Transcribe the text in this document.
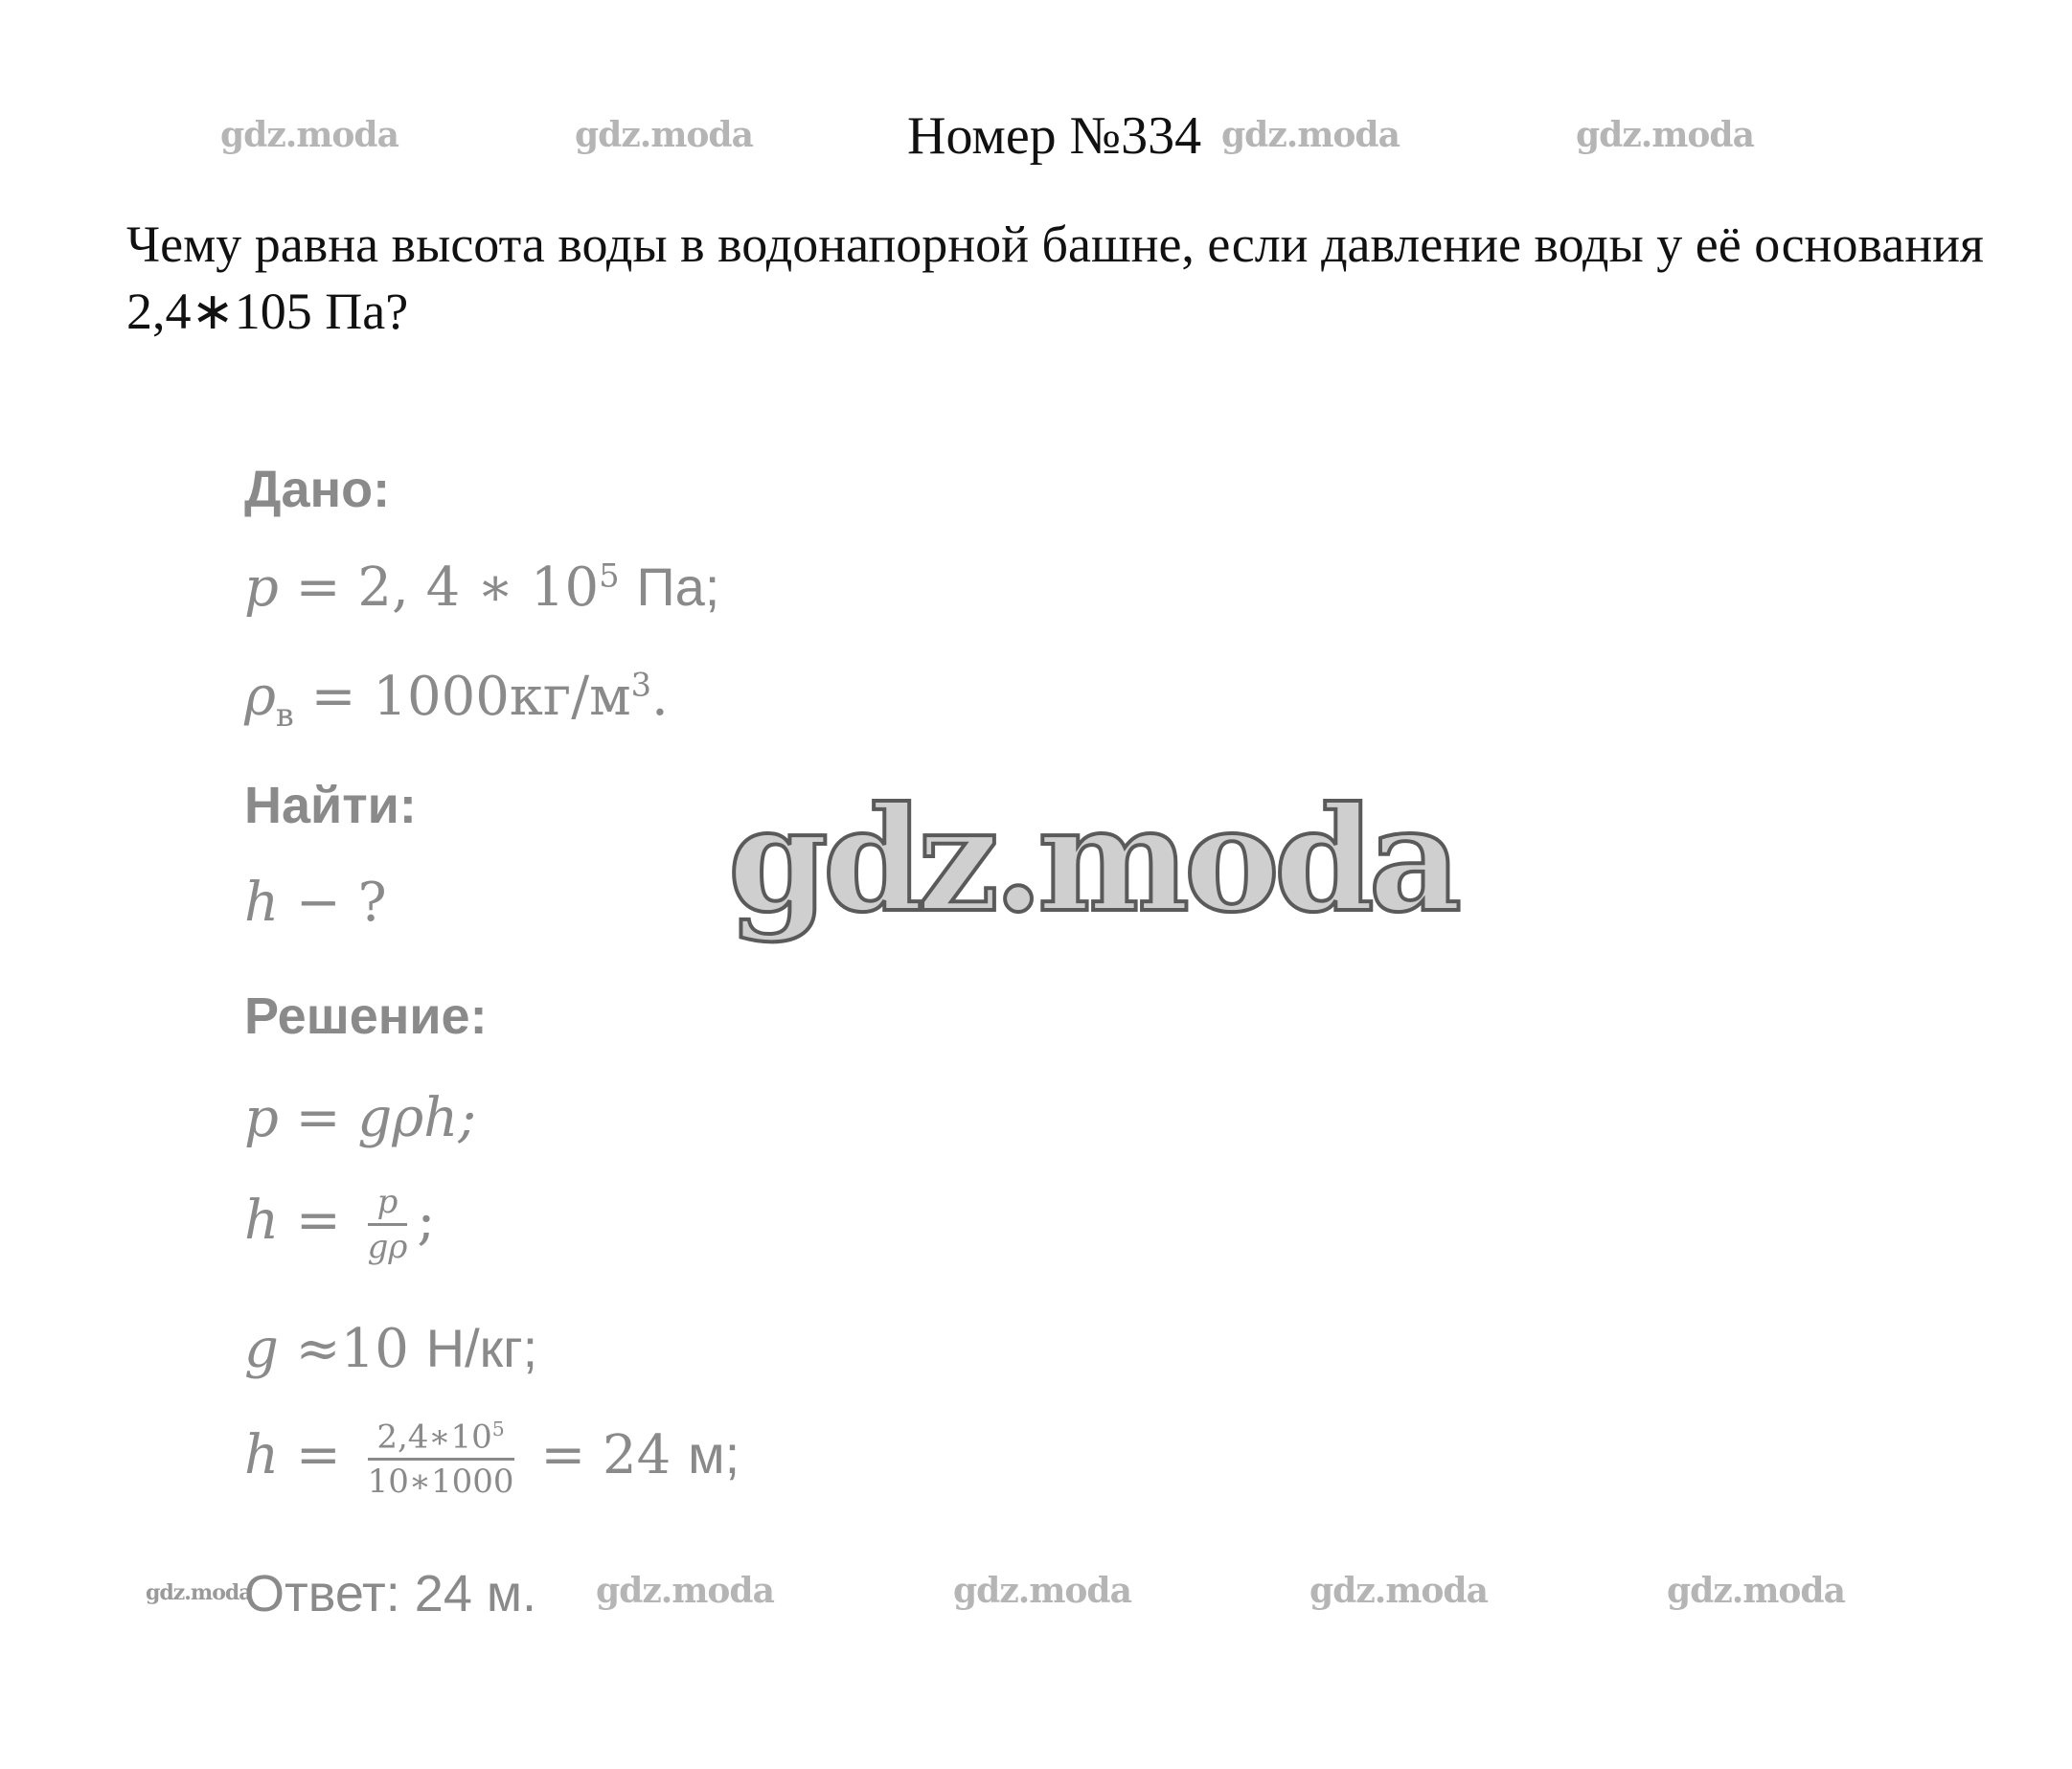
gdz.moda	gdz.moda	gdz.moda	gdz.moda
Номер №334
Чему равна высота воды в водонапорной башне, если давление воды у её основания 2,4∗105 Па?
Дано:
p = 2, 4 ∗ $10^5$ Па;
$\rho_в = 1000кг/м^3$.
Найти:
h − ?
Решение:
p = gρh;
$h = \frac{p}{g\rho}$ ;
g ≈10 Н/кг;
$h = \frac{2,4∗10^5}{10∗1000} = 24$ м;
gdz.moda
Ответ: 24 м. gdz.moda	gdz.moda	gdz.moda	gdz.moda
gdz.moda
